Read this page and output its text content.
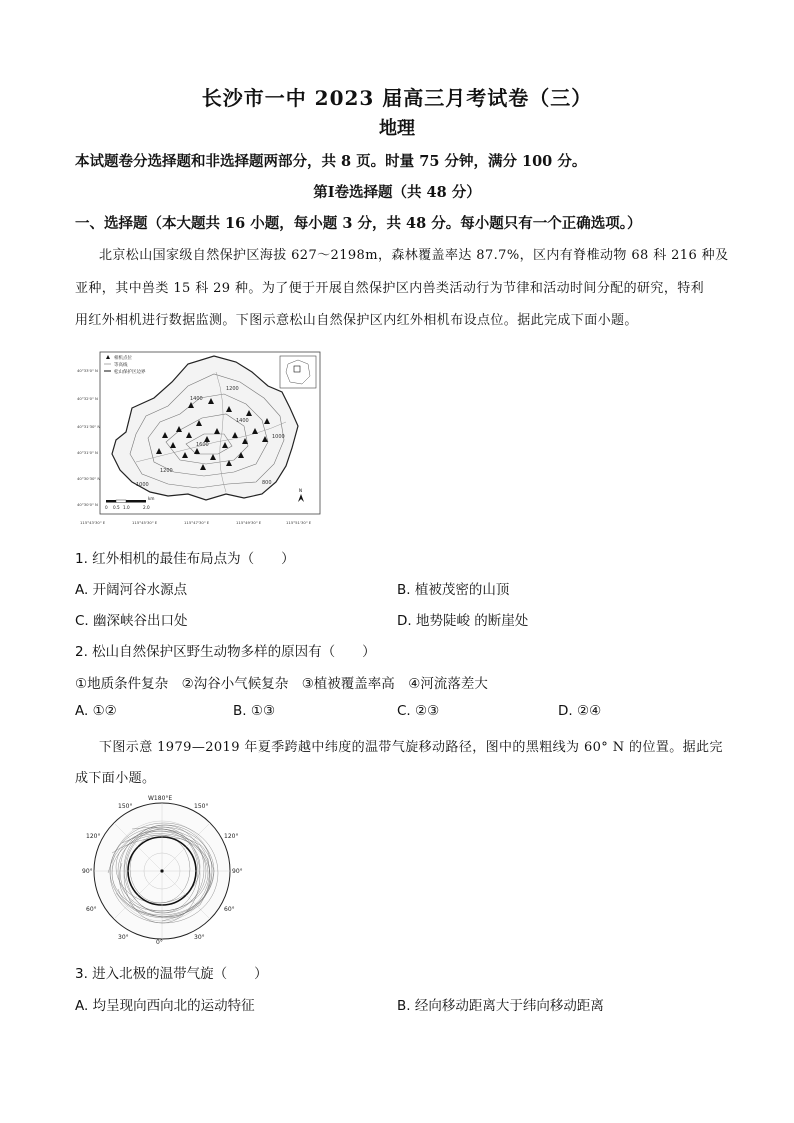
长沙市一中 2023 届高三月考试卷（三）
地理
本试题卷分选择题和非选择题两部分，共 8 页。时量 75 分钟，满分 100 分。
第Ⅰ卷选择题（共 48 分）
一、选择题（本大题共 16 小题，每小题 3 分，共 48 分。每小题只有一个正确选项。）
北京松山国家级自然保护区海拔 627～2198m，森林覆盖率达 87.7%，区内有脊椎动物 68 科 216 种及
亚种，其中兽类 15 科 29 种。为了便于开展自然保护区内兽类活动行为节律和活动时间分配的研究，特利
用红外相机进行数据监测。下图示意松山自然保护区内红外相机布设点位。据此完成下面小题。
1400
1200
1000
800
1600
1400
1200
1000
相机点位
等高线
松山保护区边界
N
0 0.5 1.0	2.0
km
40°33'0" N
40°32'0" N
40°31'30" N
40°31'0" N
40°30'30" N
40°30'0" N
115°43'30" E	115°45'30" E	115°47'30" E	115°49'30" E	115°51'30" E
1. 红外相机的最佳布局点为（　　）
A. 开阔河谷水源点	B. 植被茂密的山顶
C. 幽深峡谷出口处	D. 地势陡峻 的断崖处
2. 松山自然保护区野生动物多样的原因有（　　）
①地质条件复杂　②沟谷小气候复杂　③植被覆盖率高　④河流落差大
A. ①②	B. ①③	C. ②③	D. ②④
下图示意 1979—2019 年夏季跨越中纬度的温带气旋移动路径，图中的黑粗线为 60° N 的位置。据此完
成下面小题。
W180°E
150°	150°
120°	120°
90°	90°
60°	60°
30°	30°
0°
3. 进入北极的温带气旋（　　）
A. 均呈现向西向北的运动特征	B. 经向移动距离大于纬向移动距离
